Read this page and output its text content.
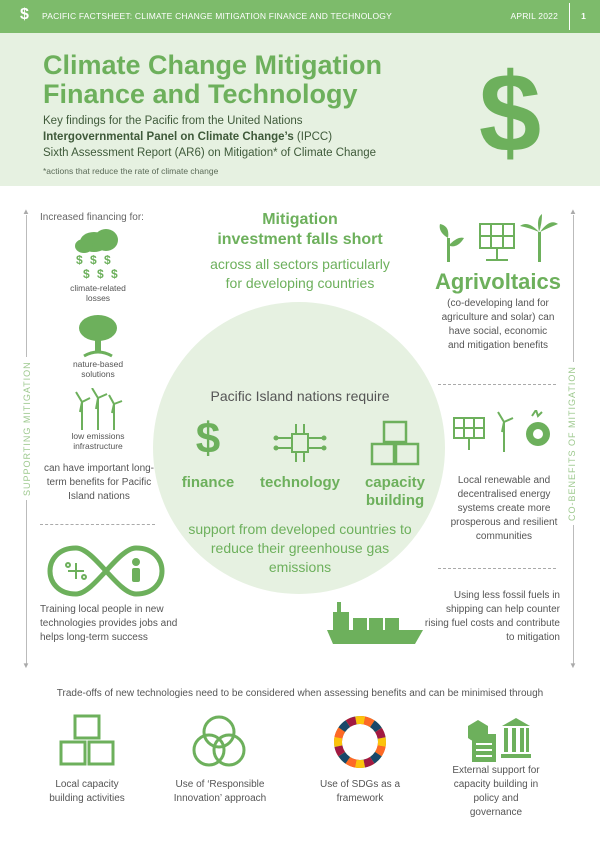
$ PACIFIC FACTSHEET: CLIMATE CHANGE MITIGATION FINANCE AND TECHNOLOGY	APRIL 2022	1
Climate Change Mitigation
Finance and Technology
Key findings for the Pacific from the United Nations
Intergovernmental Panel on Climate Change’s (IPCC)
Sixth Assessment Report (AR6) on Mitigation* of Climate Change
*actions that reduce the rate of climate change $
▲
▼
SUPPORTING MITIGATION
▲
▼
CO-BENEFITS OF MITIGATION
Increased financing for:
$ $ $
$ $ $
climate-related losses
nature-based solutions
low emissions infrastructure
can have important long-term benefits for Pacific Island nations
Training local people in new technologies provides jobs and helps long-term success
Mitigation
investment falls short
across all sectors particularly for developing countries
Pacific Island nations require
$
finance	technology	capacity
building
support from developed countries to reduce their greenhouse gas emissions
Agrivoltaics
(co-developing land for agriculture and solar) can have social, economic and mitigation benefits
Local renewable and decentralised energy systems create more prosperous and resilient communities
Using less fossil fuels in shipping can help counter rising fuel costs and contribute to mitigation
Trade-offs of new technologies need to be considered when assessing benefits and can be minimised through
Local capacity building activities
Use of ‘Responsible Innovation’ approach
Use of SDGs as a framework
External support for capacity building in policy and governance
